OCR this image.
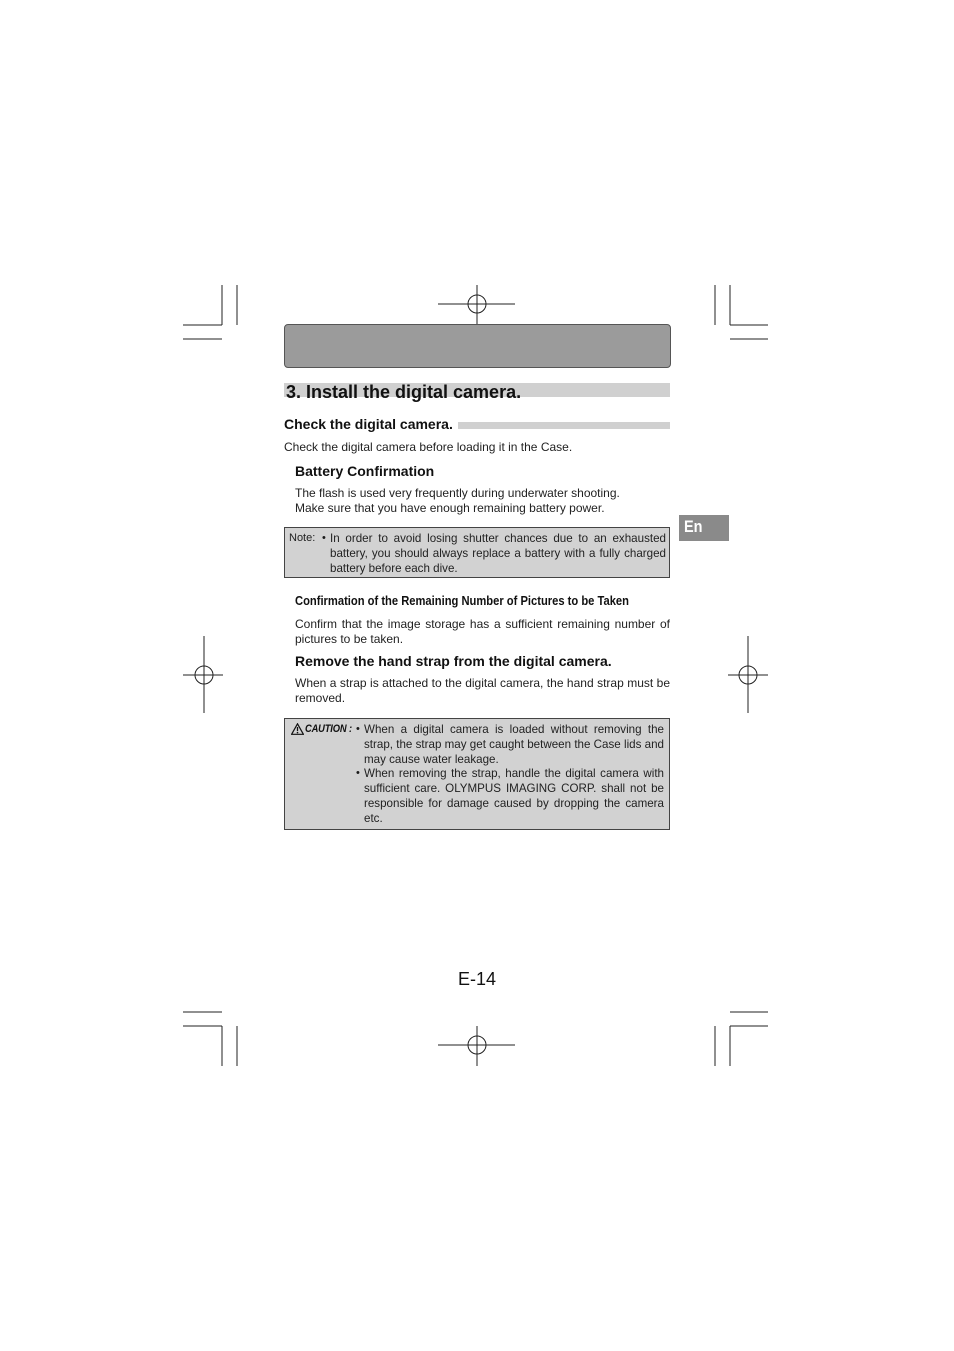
3. Install the digital camera.
Check the digital camera.
Check the digital camera before loading it in the Case.
Battery Confirmation
The flash is used very frequently during underwater shooting.
Make sure that you have enough remaining battery power.
Note: • In order to avoid losing shutter chances due to an exhausted battery, you should always replace a battery with a fully charged battery before each dive.
Confirmation of the Remaining Number of Pictures to be Taken
Confirm that the image storage has a sufficient remaining number of pictures to be taken.
Remove the hand strap from the digital camera.
When a strap is attached to the digital camera, the hand strap must be removed.
CAUTION : • When a digital camera is loaded without removing the strap, the strap may get caught between the Case lids and may cause water leakage.
• When removing the strap, handle the digital camera with sufficient care. OLYMPUS IMAGING CORP. shall not be responsible for damage caused by dropping the camera etc.
En
E-14
